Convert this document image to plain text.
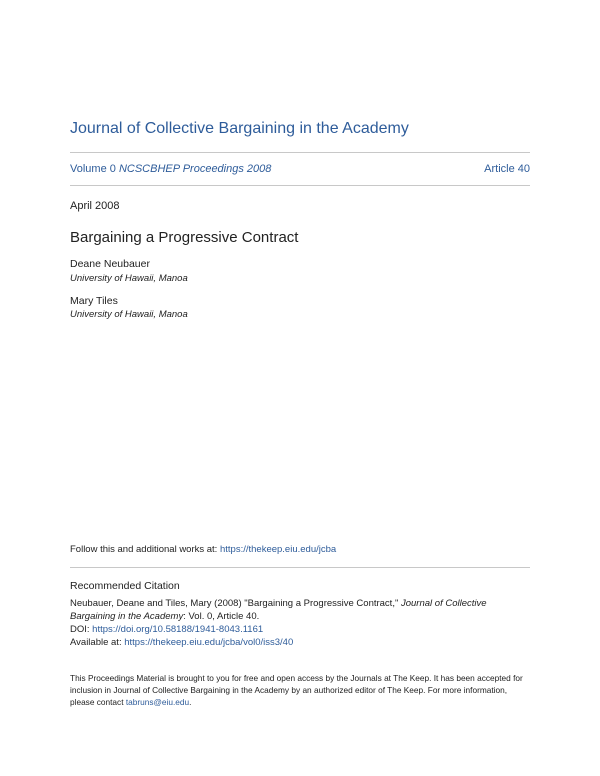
Journal of Collective Bargaining in the Academy
Volume 0 NCSCBHEP Proceedings 2008	Article 40
April 2008
Bargaining a Progressive Contract
Deane Neubauer
University of Hawaii, Manoa
Mary Tiles
University of Hawaii, Manoa
Follow this and additional works at: https://thekeep.eiu.edu/jcba
Recommended Citation
Neubauer, Deane and Tiles, Mary (2008) "Bargaining a Progressive Contract," Journal of Collective Bargaining in the Academy: Vol. 0, Article 40.
DOI: https://doi.org/10.58188/1941-8043.1161
Available at: https://thekeep.eiu.edu/jcba/vol0/iss3/40
This Proceedings Material is brought to you for free and open access by the Journals at The Keep. It has been accepted for inclusion in Journal of Collective Bargaining in the Academy by an authorized editor of The Keep. For more information, please contact tabruns@eiu.edu.
